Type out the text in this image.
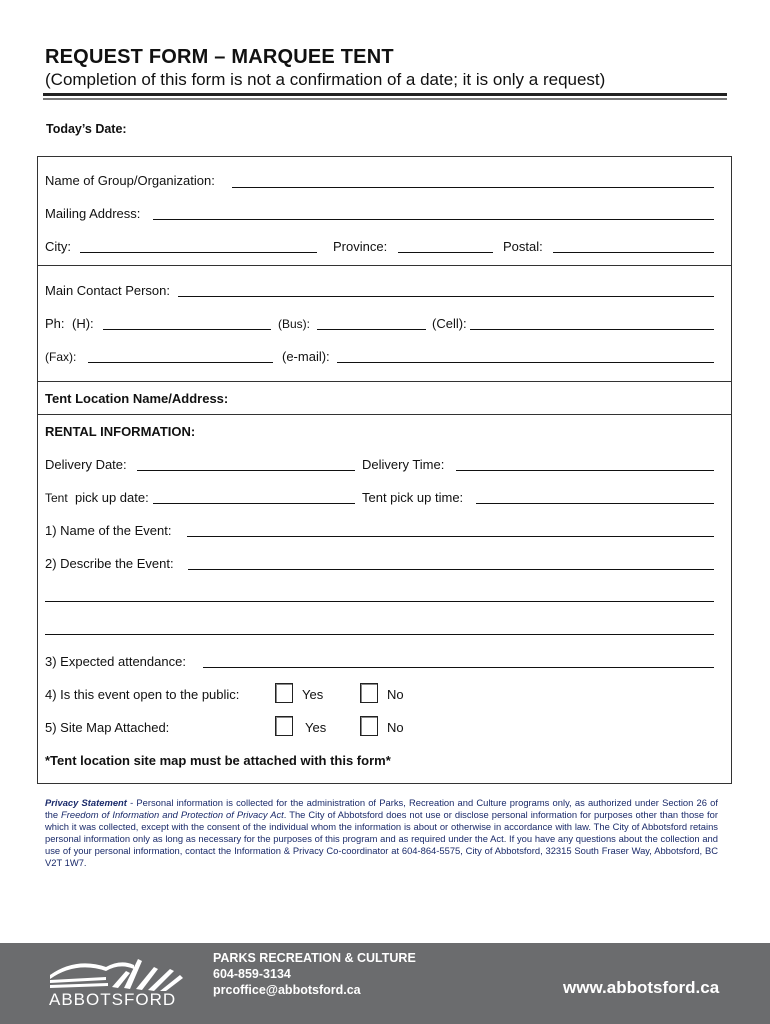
REQUEST FORM – MARQUEE TENT
(Completion of this form is not a confirmation of a date; it is only a request)
Today’s Date:
Name of Group/Organization:
Mailing Address:
City:	Province:	Postal:
Main Contact Person:
Ph: (H):	(Bus):	(Cell):
(Fax):	(e-mail):
Tent Location Name/Address:
RENTAL INFORMATION:
Delivery Date:	Delivery Time:
Tent pick up date:	Tent pick up time:
1) Name of the Event:
2) Describe the Event:
3) Expected attendance:
4) Is this event open to the public:	Yes	No
5) Site Map Attached:	Yes	No
*Tent location site map must be attached with this form*
Privacy Statement - Personal information is collected for the administration of Parks, Recreation and Culture programs only, as authorized under Section 26 of the Freedom of Information and Protection of Privacy Act. The City of Abbotsford does not use or disclose personal information for purposes other than those for which it was collected, except with the consent of the individual whom the information is about or otherwise in accordance with law. The City of Abbotsford retains personal information only as long as necessary for the purposes of this program and as required under the Act. If you have any questions about the collection and use of your personal information, contact the Information & Privacy Co-coordinator at 604-864-5575, City of Abbotsford, 32315 South Fraser Way, Abbotsford, BC V2T 1W7.
ABBOTSFORD
PARKS RECREATION & CULTURE
604-859-3134
prcoffice@abbotsford.ca	www.abbotsford.ca
